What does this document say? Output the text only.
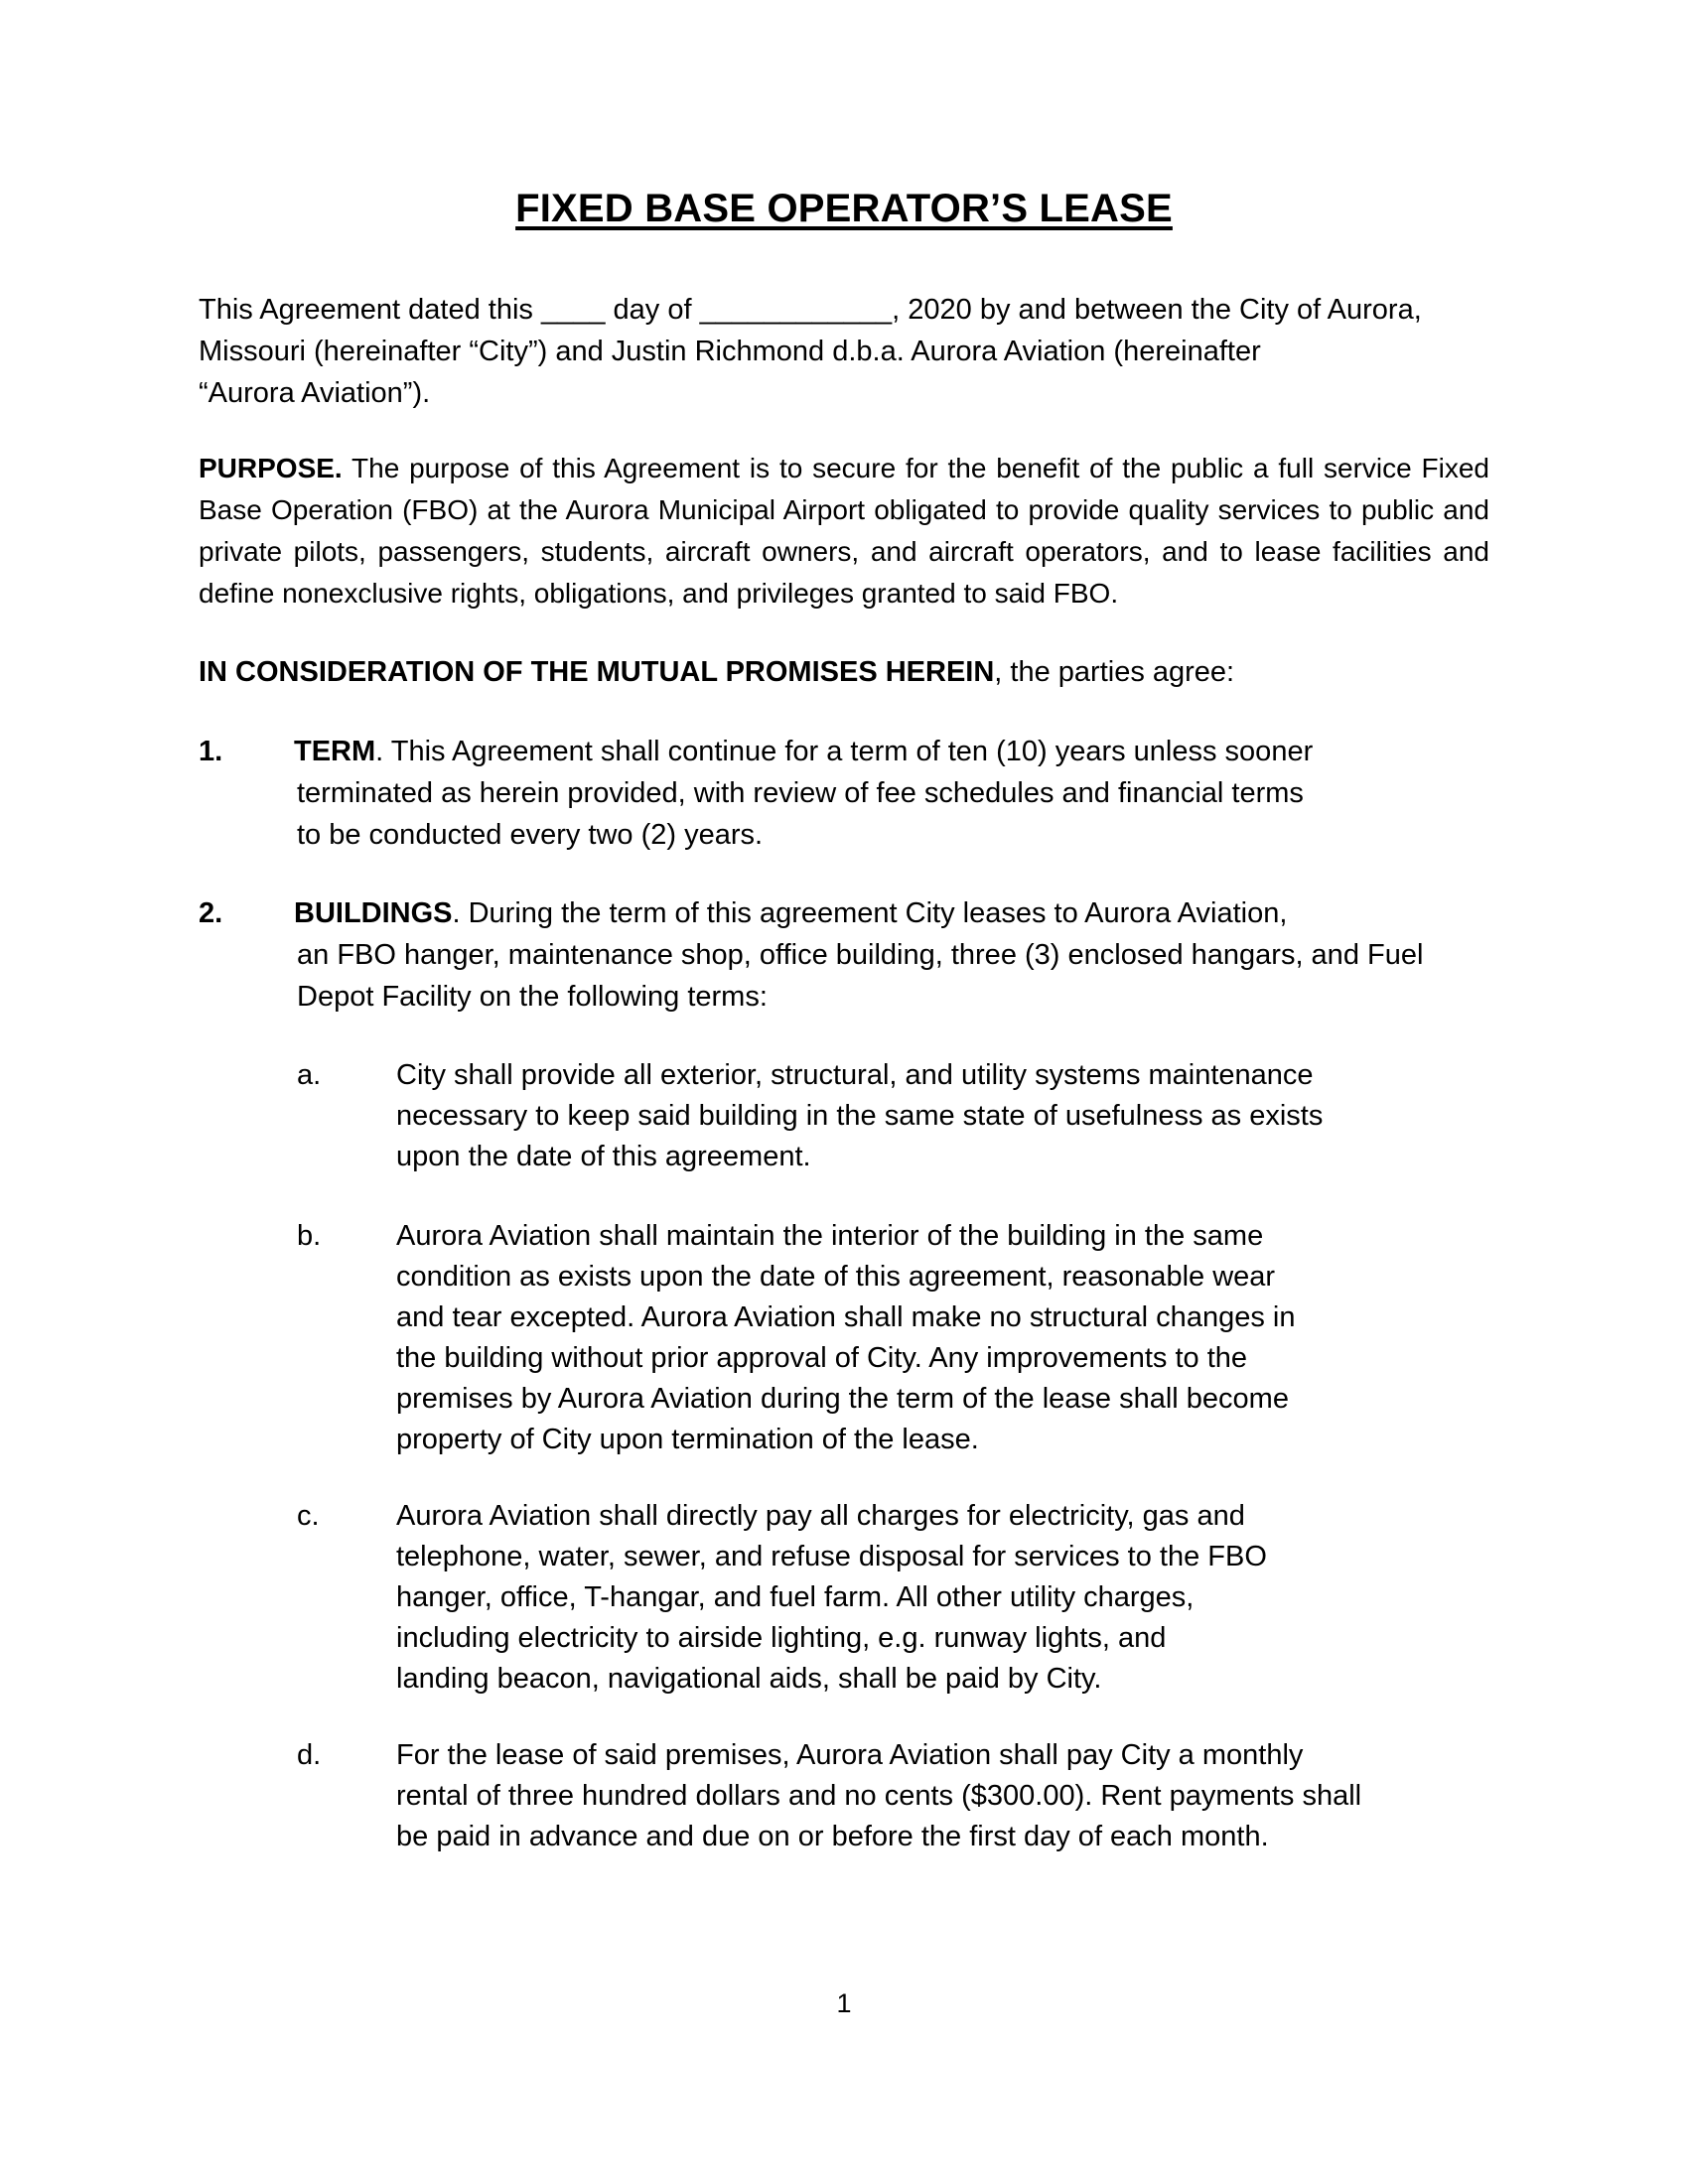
FIXED BASE OPERATOR’S LEASE

This Agreement dated this ____ day of ____________, 2020 by and between the City of Aurora,
Missouri (hereinafter “City”) and Justin Richmond d.b.a. Aurora Aviation (hereinafter
“Aurora Aviation”).

PURPOSE. The purpose of this Agreement is to secure for the benefit of the public a full service Fixed Base Operation (FBO) at the Aurora Municipal Airport obligated to provide quality services to public and private pilots, passengers, students, aircraft owners, and aircraft operators, and to lease facilities and define nonexclusive rights, obligations, and privileges granted to said FBO.

IN CONSIDERATION OF THE MUTUAL PROMISES HEREIN, the parties agree:

1. TERM. This Agreement shall continue for a term of ten (10) years unless sooner
terminated as herein provided, with review of fee schedules and financial terms
to be conducted every two (2) years.
2. BUILDINGS. During the term of this agreement City leases to Aurora Aviation,
an FBO hanger, maintenance shop, office building, three (3) enclosed hangars, and Fuel
Depot Facility on the following terms:
a.	City shall provide all exterior, structural, and utility systems maintenance
necessary to keep said building in the same state of usefulness as exists
upon the date of this agreement.
b.	Aurora Aviation shall maintain the interior of the building in the same
condition as exists upon the date of this agreement, reasonable wear
and tear excepted. Aurora Aviation shall make no structural changes in
the building without prior approval of City. Any improvements to the
premises by Aurora Aviation during the term of the lease shall become
property of City upon termination of the lease.
c.	Aurora Aviation shall directly pay all charges for electricity, gas and
telephone, water, sewer, and refuse disposal for services to the FBO
hanger, office, T-hangar, and fuel farm. All other utility charges,
including electricity to airside lighting, e.g. runway lights, and
landing beacon, navigational aids, shall be paid by City.
d.	For the lease of said premises, Aurora Aviation shall pay City a monthly
rental of three hundred dollars and no cents ($300.00). Rent payments shall
be paid in advance and due on or before the first day of each month.
1
